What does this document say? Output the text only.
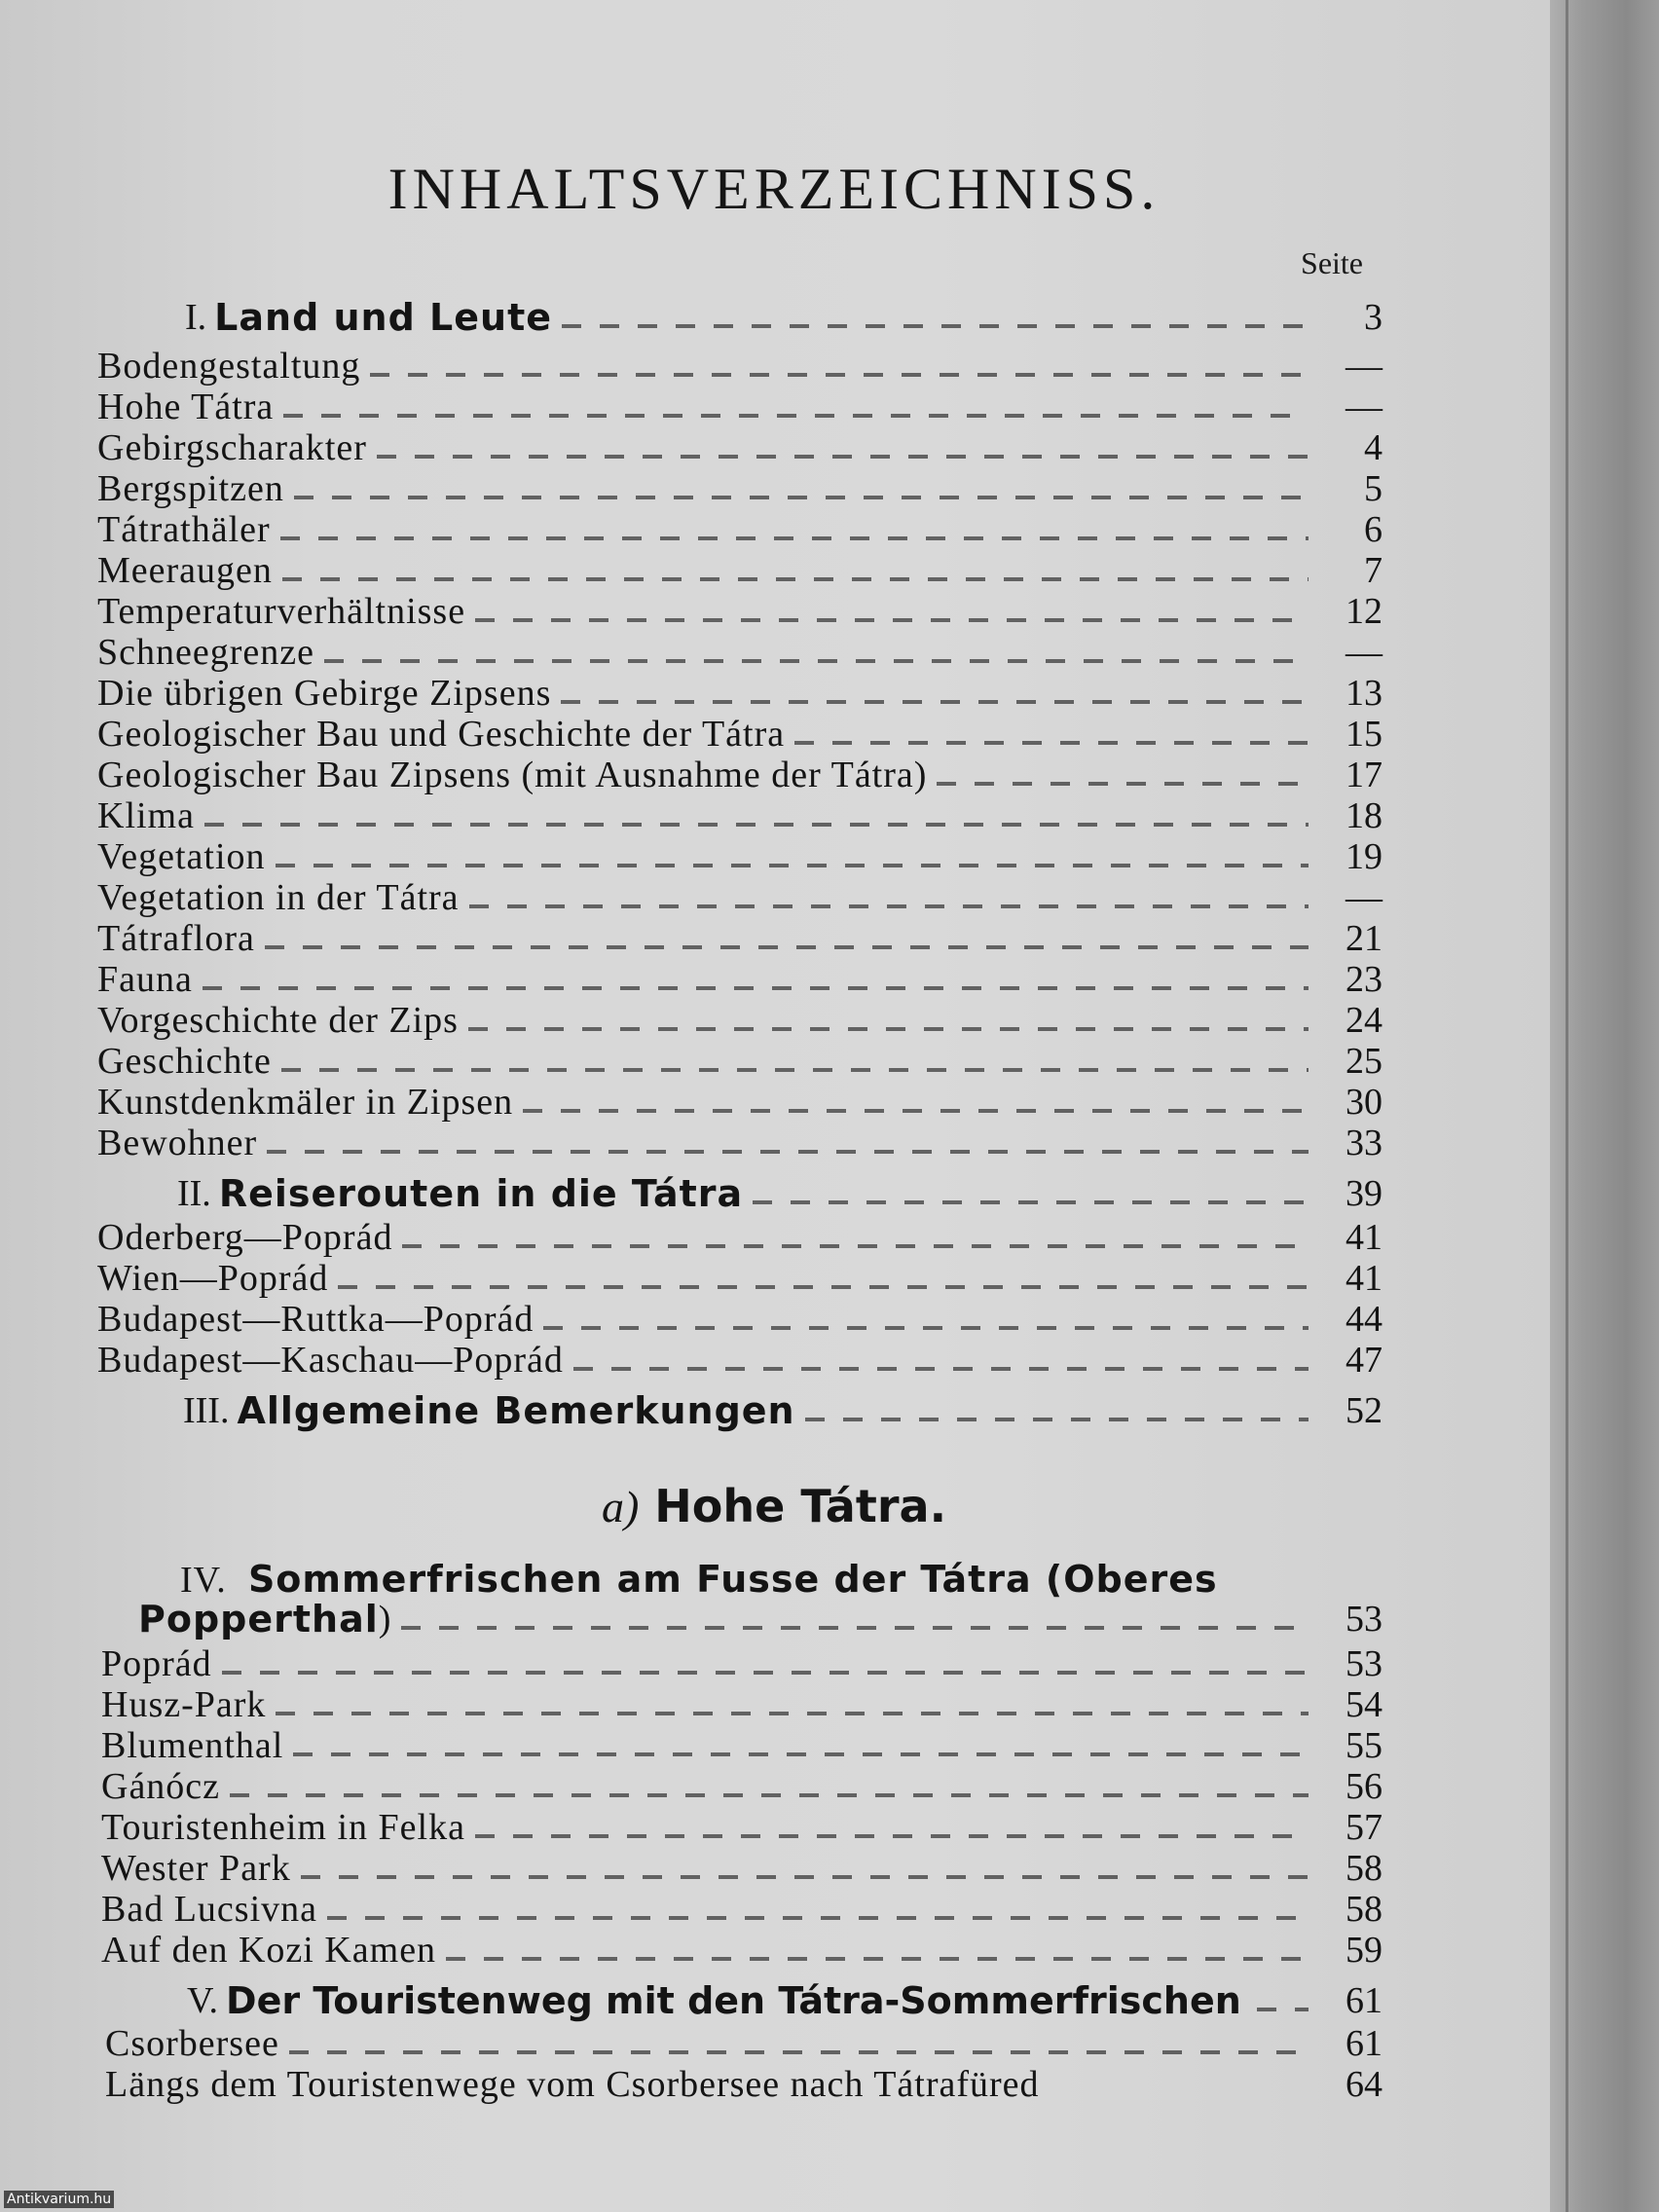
INHALTSVERZEICHNISS.
Seite
I. Land und Leute	3
Bodengestaltung	—
Hohe Tátra	—
Gebirgscharakter	4
Bergspitzen	5
Tátrathäler	6
Meeraugen	7
Temperaturverhältnisse	12
Schneegrenze	—
Die übrigen Gebirge Zipsens	13
Geologischer Bau und Geschichte der Tátra	15
Geologischer Bau Zipsens (mit Ausnahme der Tátra)	17
Klima	18
Vegetation	19
Vegetation in der Tátra	—
Tátraflora	21
Fauna	23
Vorgeschichte der Zips	24
Geschichte	25
Kunstdenkmäler in Zipsen	30
Bewohner	33
II. Reiserouten in die Tátra	39
Oderberg—Poprád	41
Wien—Poprád	41
Budapest—Ruttka—Poprád	44
Budapest—Kaschau—Poprád	47
III. Allgemeine Bemerkungen	52
a) Hohe Tátra.
IV. Sommerfrischen am Fusse der Tátra (Oberes
Popperthal )	53
Poprád	53
Husz-Park	54
Blumenthal	55
Gánócz	56
Touristenheim in Felka	57
Wester Park	58
Bad Lucsivna	58
Auf den Kozi Kamen	59
V. Der Touristenweg mit den Tátra-Sommerfrischen	61
Csorbersee	61
Längs dem Touristenwege vom Csorbersee nach Tátrafüred	64
Antikvarium.hu
